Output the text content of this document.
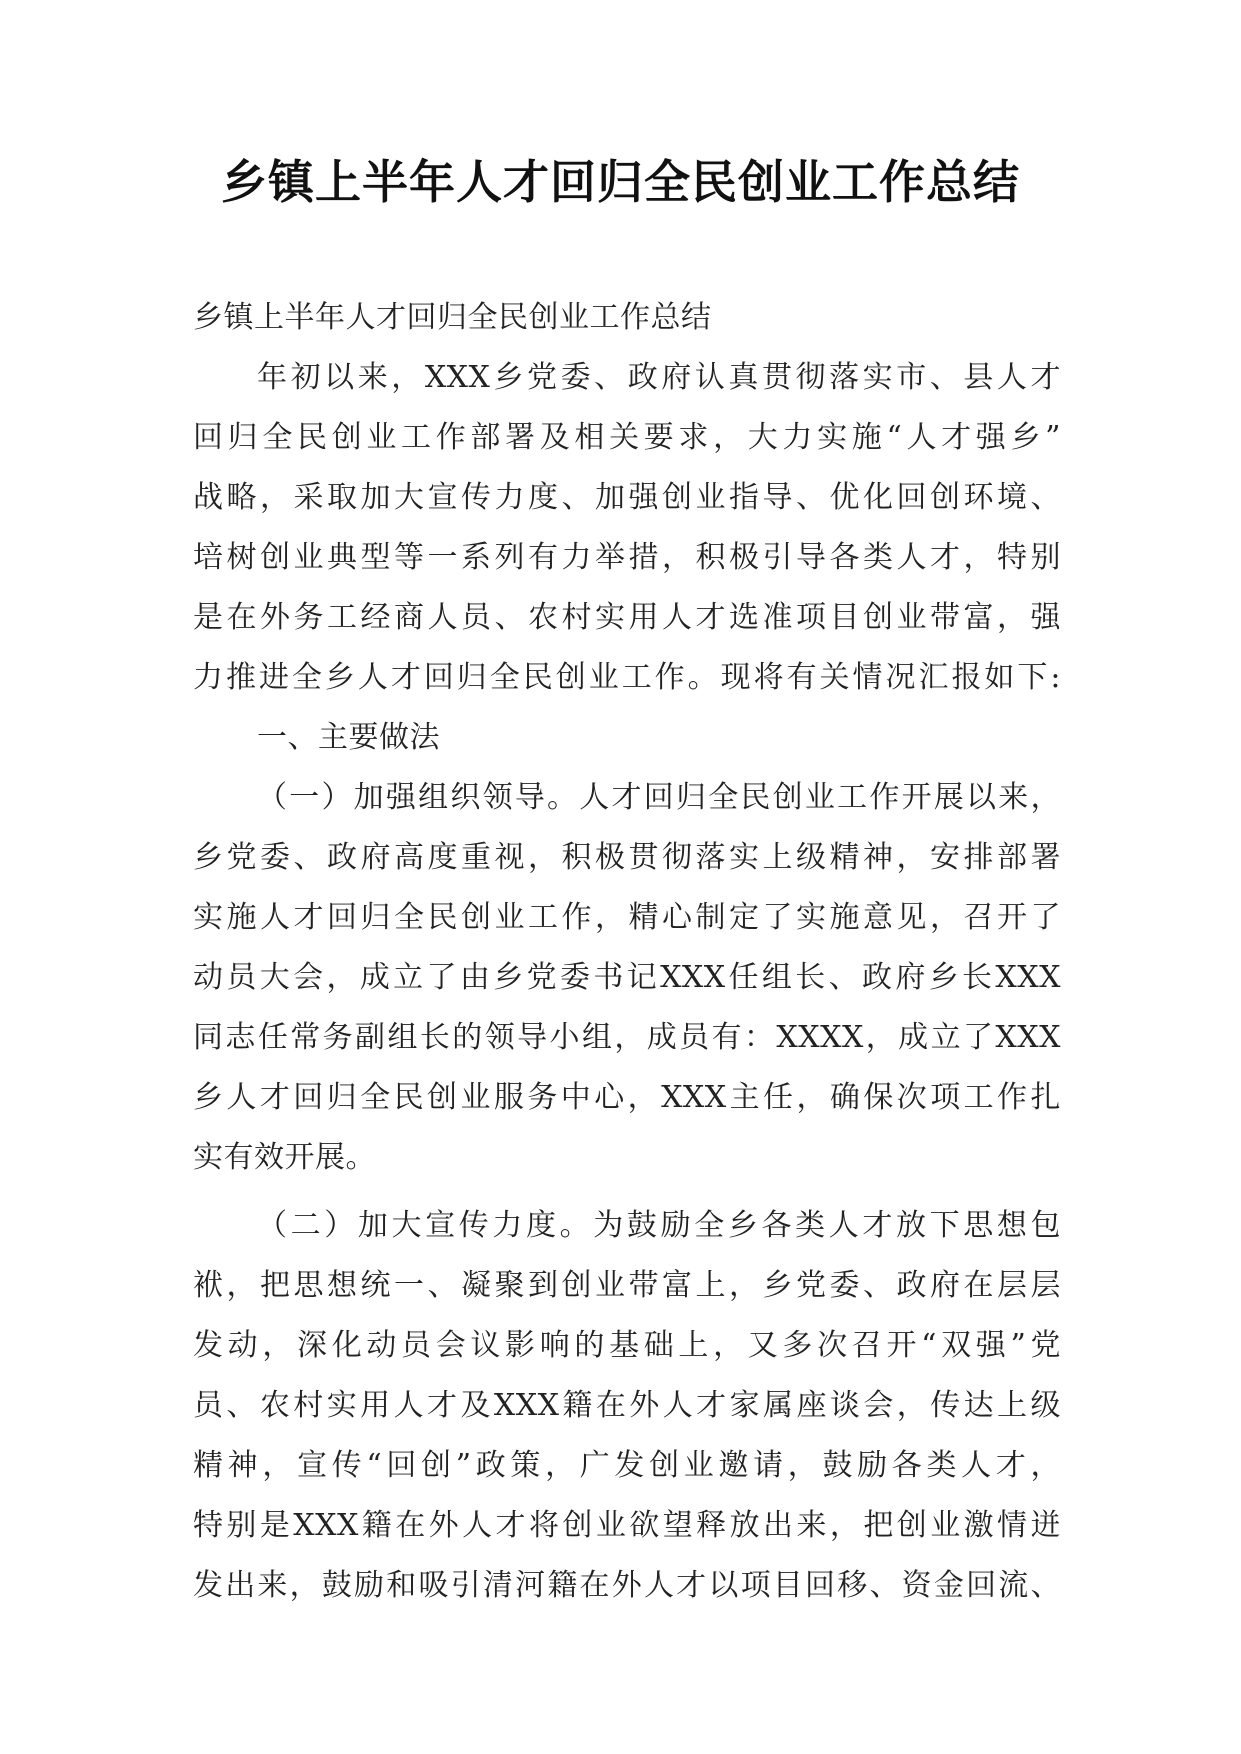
乡镇上半年人才回归全民创业工作总结
乡镇上半年人才回归全民创业工作总结
年初以来，XXX乡党委、政府认真贯彻落实市、县人才
回归全民创业工作部署及相关要求，大力实施“人才强乡”
战略，采取加大宣传力度、加强创业指导、优化回创环境、
培树创业典型等一系列有力举措，积极引导各类人才，特别
是在外务工经商人员、农村实用人才选准项目创业带富，强
力推进全乡人才回归全民创业工作。现将有关情况汇报如下:
一、主要做法
（一）加强组织领导。人才回归全民创业工作开展以来，
乡党委、政府高度重视，积极贯彻落实上级精神，安排部署
实施人才回归全民创业工作，精心制定了实施意见，召开了
动员大会，成立了由乡党委书记XXX任组长、政府乡长XXX
同志任常务副组长的领导小组，成员有：XXXX，成立了XXX
乡人才回归全民创业服务中心，XXX主任，确保次项工作扎
实有效开展。
（二）加大宣传力度。为鼓励全乡各类人才放下思想包
袱，把思想统一、凝聚到创业带富上，乡党委、政府在层层
发动，深化动员会议影响的基础上，又多次召开“双强”党
员、农村实用人才及XXX籍在外人才家属座谈会，传达上级
精神，宣传“回创”政策，广发创业邀请，鼓励各类人才，
特别是XXX籍在外人才将创业欲望释放出来，把创业激情迸
发出来，鼓励和吸引清河籍在外人才以项目回移、资金回流、
